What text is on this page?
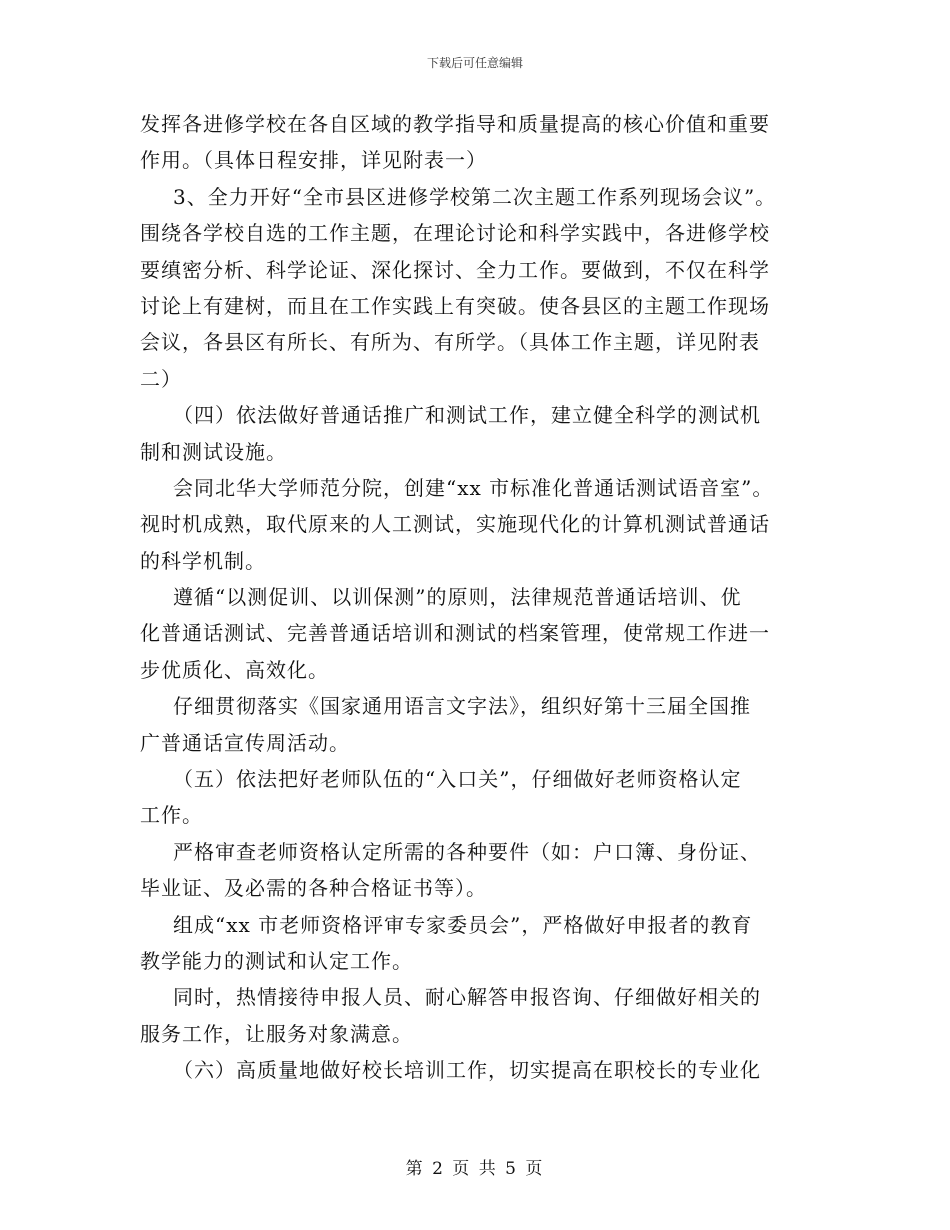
下载后可任意编辑
发挥各进修学校在各自区域的教学指导和质量提高的核心价值和重要
作用。（具体日程安排，详见附表一）
3、全力开好“全市县区进修学校第二次主题工作系列现场会议”。
围绕各学校自选的工作主题，在理论讨论和科学实践中，各进修学校
要缜密分析、科学论证、深化探讨、全力工作。要做到，不仅在科学
讨论上有建树，而且在工作实践上有突破。使各县区的主题工作现场
会议，各县区有所长、有所为、有所学。（具体工作主题，详见附表
二）
（四）依法做好普通话推广和测试工作，建立健全科学的测试机
制和测试设施。
会同北华大学师范分院，创建“xx 市标准化普通话测试语音室”。
视时机成熟，取代原来的人工测试，实施现代化的计算机测试普通话
的科学机制。
遵循“以测促训、以训保测”的原则，法律规范普通话培训、优
化普通话测试、完善普通话培训和测试的档案管理，使常规工作进一
步优质化、高效化。
仔细贯彻落实《国家通用语言文字法》，组织好第十三届全国推
广普通话宣传周活动。
（五）依法把好老师队伍的“入口关”，仔细做好老师资格认定
工作。
严格审查老师资格认定所需的各种要件（如：户口簿、身份证、
毕业证、及必需的各种合格证书等）。
组成“xx 市老师资格评审专家委员会”，严格做好申报者的教育
教学能力的测试和认定工作。
同时，热情接待申报人员、耐心解答申报咨询、仔细做好相关的
服务工作，让服务对象满意。
（六）高质量地做好校长培训工作，切实提高在职校长的专业化
第 2 页 共 5 页
